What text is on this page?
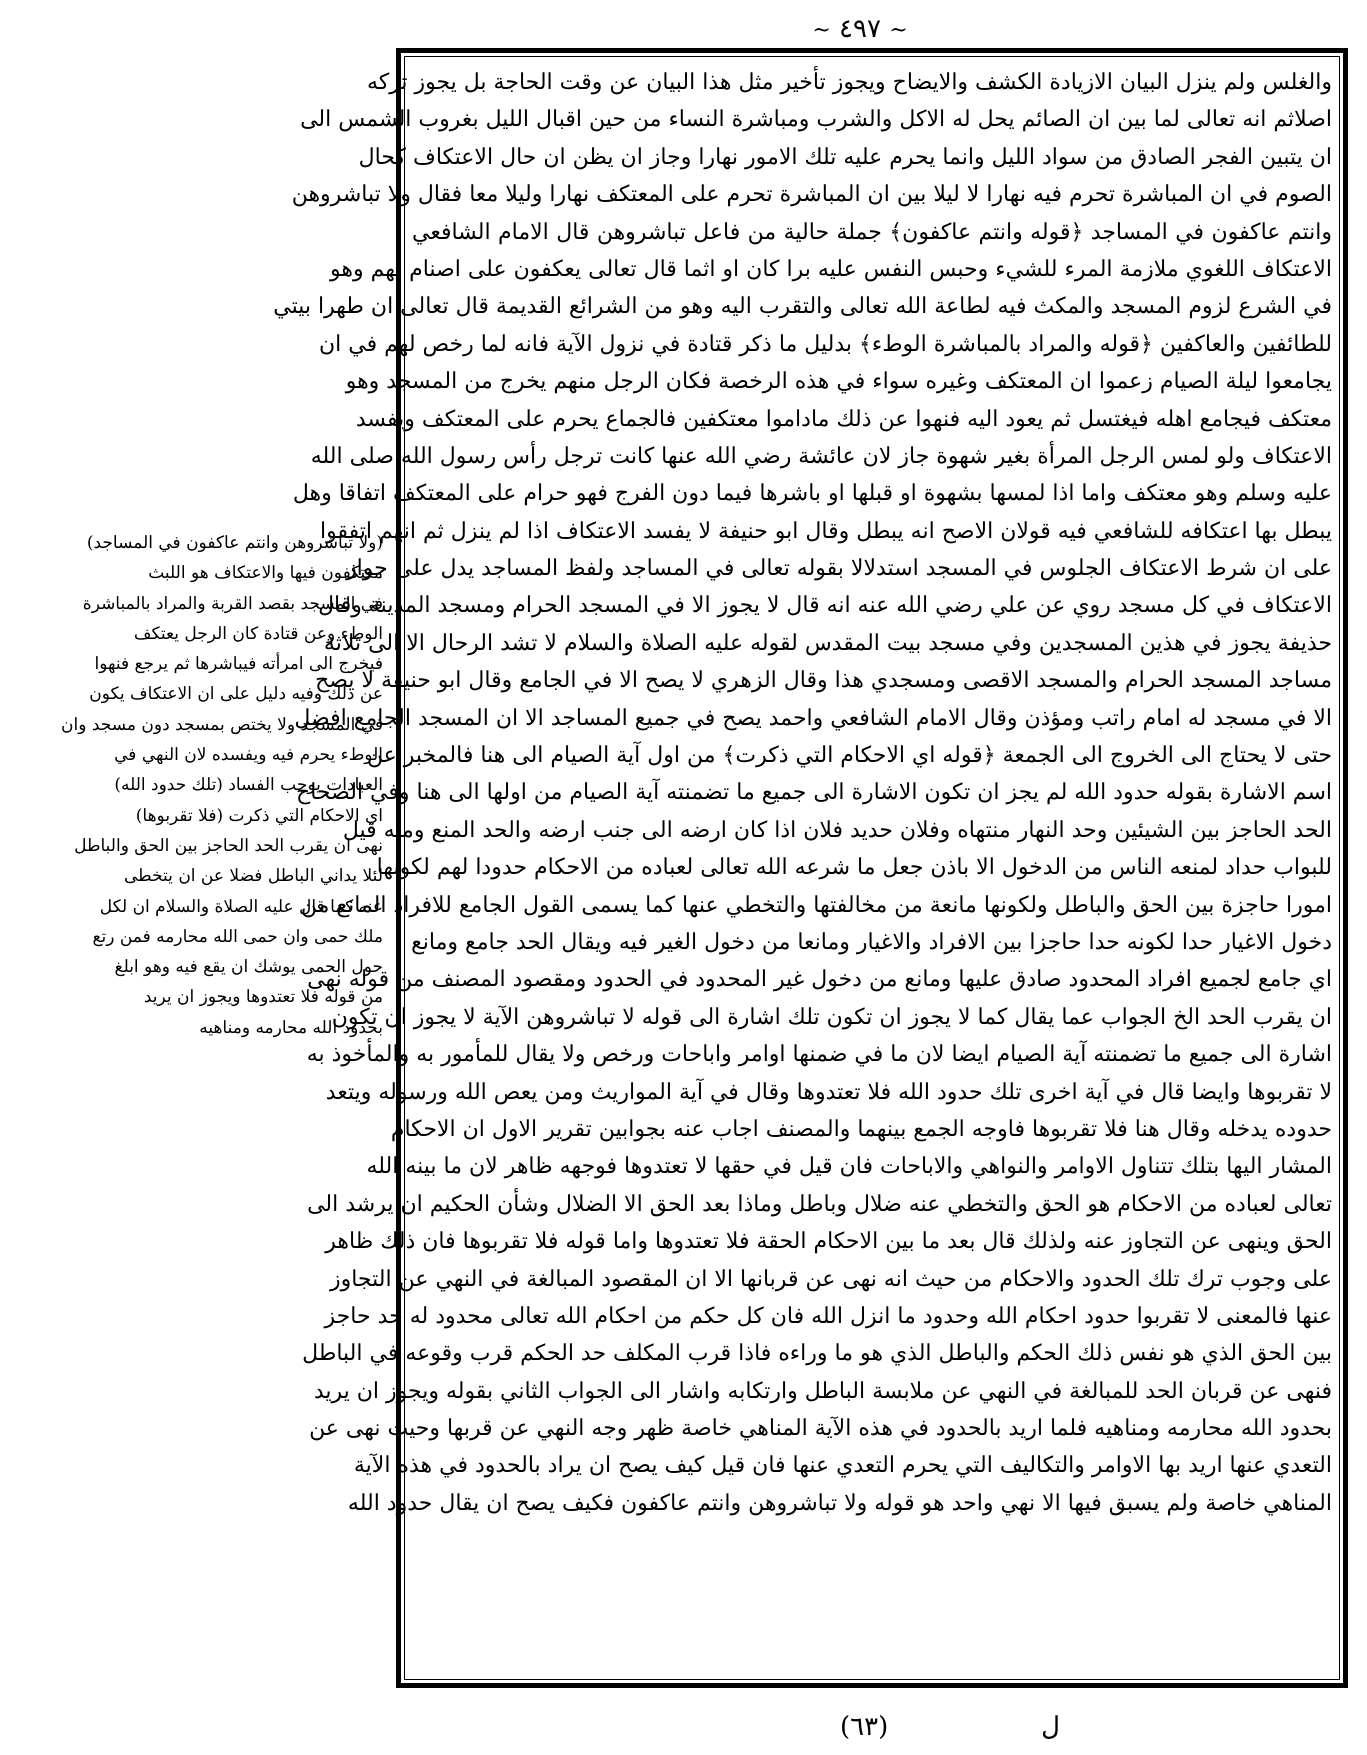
~ ٤٩٧ ~
والغلس ولم ينزل البيان الازيادة الكشف والايضاح ويجوز تأخير مثل هذا البيان عن وقت الحاجة بل يجوز تركه
اصلاثم انه تعالى لما بين ان الصائم يحل له الاكل والشرب ومباشرة النساء من حين اقبال الليل بغروب الشمس الى
ان يتبين الفجر الصادق من سواد الليل وانما يحرم عليه تلك الامور نهارا وجاز ان يظن ان حال الاعتكاف كحال
الصوم في ان المباشرة تحرم فيه نهارا لا ليلا بين ان المباشرة تحرم على المعتكف نهارا وليلا معا فقال ولا تباشروهن
وانتم عاكفون في المساجد ﴿قوله وانتم عاكفون﴾ جملة حالية من فاعل تباشروهن قال الامام الشافعي
الاعتكاف اللغوي ملازمة المرء للشيء وحبس النفس عليه برا كان او اثما قال تعالى يعكفون على اصنام لهم وهو
في الشرع لزوم المسجد والمكث فيه لطاعة الله تعالى والتقرب اليه وهو من الشرائع القديمة قال تعالى ان طهرا بيتي
للطائفين والعاكفين ﴿قوله والمراد بالمباشرة الوطء﴾ بدليل ما ذكر قتادة في نزول الآية فانه لما رخص لهم في ان
يجامعوا ليلة الصيام زعموا ان المعتكف وغيره سواء في هذه الرخصة فكان الرجل منهم يخرج من المسجد وهو
معتكف فيجامع اهله فيغتسل ثم يعود اليه فنهوا عن ذلك ماداموا معتكفين فالجماع يحرم على المعتكف ويفسد
الاعتكاف ولو لمس الرجل المرأة بغير شهوة جاز لان عائشة رضي الله عنها كانت ترجل رأس رسول الله صلى الله
عليه وسلم وهو معتكف واما اذا لمسها بشهوة او قبلها او باشرها فيما دون الفرج فهو حرام على المعتكف اتفاقا وهل
يبطل بها اعتكافه للشافعي فيه قولان الاصح انه يبطل وقال ابو حنيفة لا يفسد الاعتكاف اذا لم ينزل ثم انهم اتفقوا
على ان شرط الاعتكاف الجلوس في المسجد استدلالا بقوله تعالى في المساجد ولفظ المساجد يدل على جواز
الاعتكاف في كل مسجد روي عن علي رضي الله عنه انه قال لا يجوز الا في المسجد الحرام ومسجد المدينة وقال
حذيفة يجوز في هذين المسجدين وفي مسجد بيت المقدس لقوله عليه الصلاة والسلام لا تشد الرحال الا الى ثلاثة
مساجد المسجد الحرام والمسجد الاقصى ومسجدي هذا وقال الزهري لا يصح الا في الجامع وقال ابو حنيفة لا يصح
الا في مسجد له امام راتب ومؤذن وقال الامام الشافعي واحمد يصح في جميع المساجد الا ان المسجد الجامع افضل
حتى لا يحتاج الى الخروج الى الجمعة ﴿قوله اي الاحكام التي ذكرت﴾ من اول آية الصيام الى هنا فالمخبر عن
اسم الاشارة بقوله حدود الله لم يجز ان تكون الاشارة الى جميع ما تضمنته آية الصيام من اولها الى هنا وفي الصحاح
الحد الحاجز بين الشيئين وحد النهار منتهاه وفلان حديد فلان اذا كان ارضه الى جنب ارضه والحد المنع ومنه قيل
للبواب حداد لمنعه الناس من الدخول الا باذن جعل ما شرعه الله تعالى لعباده من الاحكام حدودا لهم لكونها
امورا حاجزة بين الحق والباطل ولكونها مانعة من مخالفتها والتخطي عنها كما يسمى القول الجامع للافراد المانع من
دخول الاغيار حدا لكونه حدا حاجزا بين الافراد والاغيار ومانعا من دخول الغير فيه ويقال الحد جامع ومانع
اي جامع لجميع افراد المحدود صادق عليها ومانع من دخول غير المحدود في الحدود ومقصود المصنف من قوله نهى
ان يقرب الحد الخ الجواب عما يقال كما لا يجوز ان تكون تلك اشارة الى قوله لا تباشروهن الآية لا يجوز ان تكون
اشارة الى جميع ما تضمنته آية الصيام ايضا لان ما في ضمنها اوامر واباحات ورخص ولا يقال للمأمور به والمأخوذ به
لا تقربوها وايضا قال في آية اخرى تلك حدود الله فلا تعتدوها وقال في آية المواريث ومن يعص الله ورسوله ويتعد
حدوده يدخله وقال هنا فلا تقربوها فاوجه الجمع بينهما والمصنف اجاب عنه بجوابين تقرير الاول ان الاحكام
المشار اليها بتلك تتناول الاوامر والنواهي والاباحات فان قيل في حقها لا تعتدوها فوجهه ظاهر لان ما بينه الله
تعالى لعباده من الاحكام هو الحق والتخطي عنه ضلال وباطل وماذا بعد الحق الا الضلال وشأن الحكيم ان يرشد الى
الحق وينهى عن التجاوز عنه ولذلك قال بعد ما بين الاحكام الحقة فلا تعتدوها واما قوله فلا تقربوها فان ذلك ظاهر
على وجوب ترك تلك الحدود والاحكام من حيث انه نهى عن قربانها الا ان المقصود المبالغة في النهي عن التجاوز
عنها فالمعنى لا تقربوا حدود احكام الله وحدود ما انزل الله فان كل حكم من احكام الله تعالى محدود له حد حاجز
بين الحق الذي هو نفس ذلك الحكم والباطل الذي هو ما وراءه فاذا قرب المكلف حد الحكم قرب وقوعه في الباطل
فنهى عن قربان الحد للمبالغة في النهي عن ملابسة الباطل وارتكابه واشار الى الجواب الثاني بقوله ويجوز ان يريد
بحدود الله محارمه ومناهيه فلما اريد بالحدود في هذه الآية المناهي خاصة ظهر وجه النهي عن قربها وحيث نهى عن
التعدي عنها اريد بها الاوامر والتكاليف التي يحرم التعدي عنها فان قيل كيف يصح ان يراد بالحدود في هذه الآية
المناهي خاصة ولم يسبق فيها الا نهي واحد هو قوله ولا تباشروهن وانتم عاكفون فكيف يصح ان يقال حدود الله
(ولا تباشروهن وانتم عاكفون في المساجد)
معتكفون فيها والاعتكاف هو اللبث
في المسجد بقصد القربة والمراد بالمباشرة
الوطء وعن قتادة كان الرجل يعتكف
فيخرج الى امرأته فيباشرها ثم يرجع فنهوا
عن ذلك وفيه دليل على ان الاعتكاف يكون
في المسجد ولا يختص بمسجد دون مسجد وان
الوطء يحرم فيه ويفسده لان النهي في
العبادات يوجب الفساد (تلك حدود الله)
اي الاحكام التي ذكرت (فلا تقربوها)
نهى ان يقرب الحد الحاجز بين الحق والباطل
لئلا يداني الباطل فضلا عن ان يتخطى
عنه كما قال عليه الصلاة والسلام ان لكل
ملك حمى وان حمى الله محارمه فمن رتع
حول الحمى يوشك ان يقع فيه وهو ابلغ
من قوله فلا تعتدوها ويجوز ان يريد
بحدود الله محارمه ومناهيه
ل
(٦٣)
